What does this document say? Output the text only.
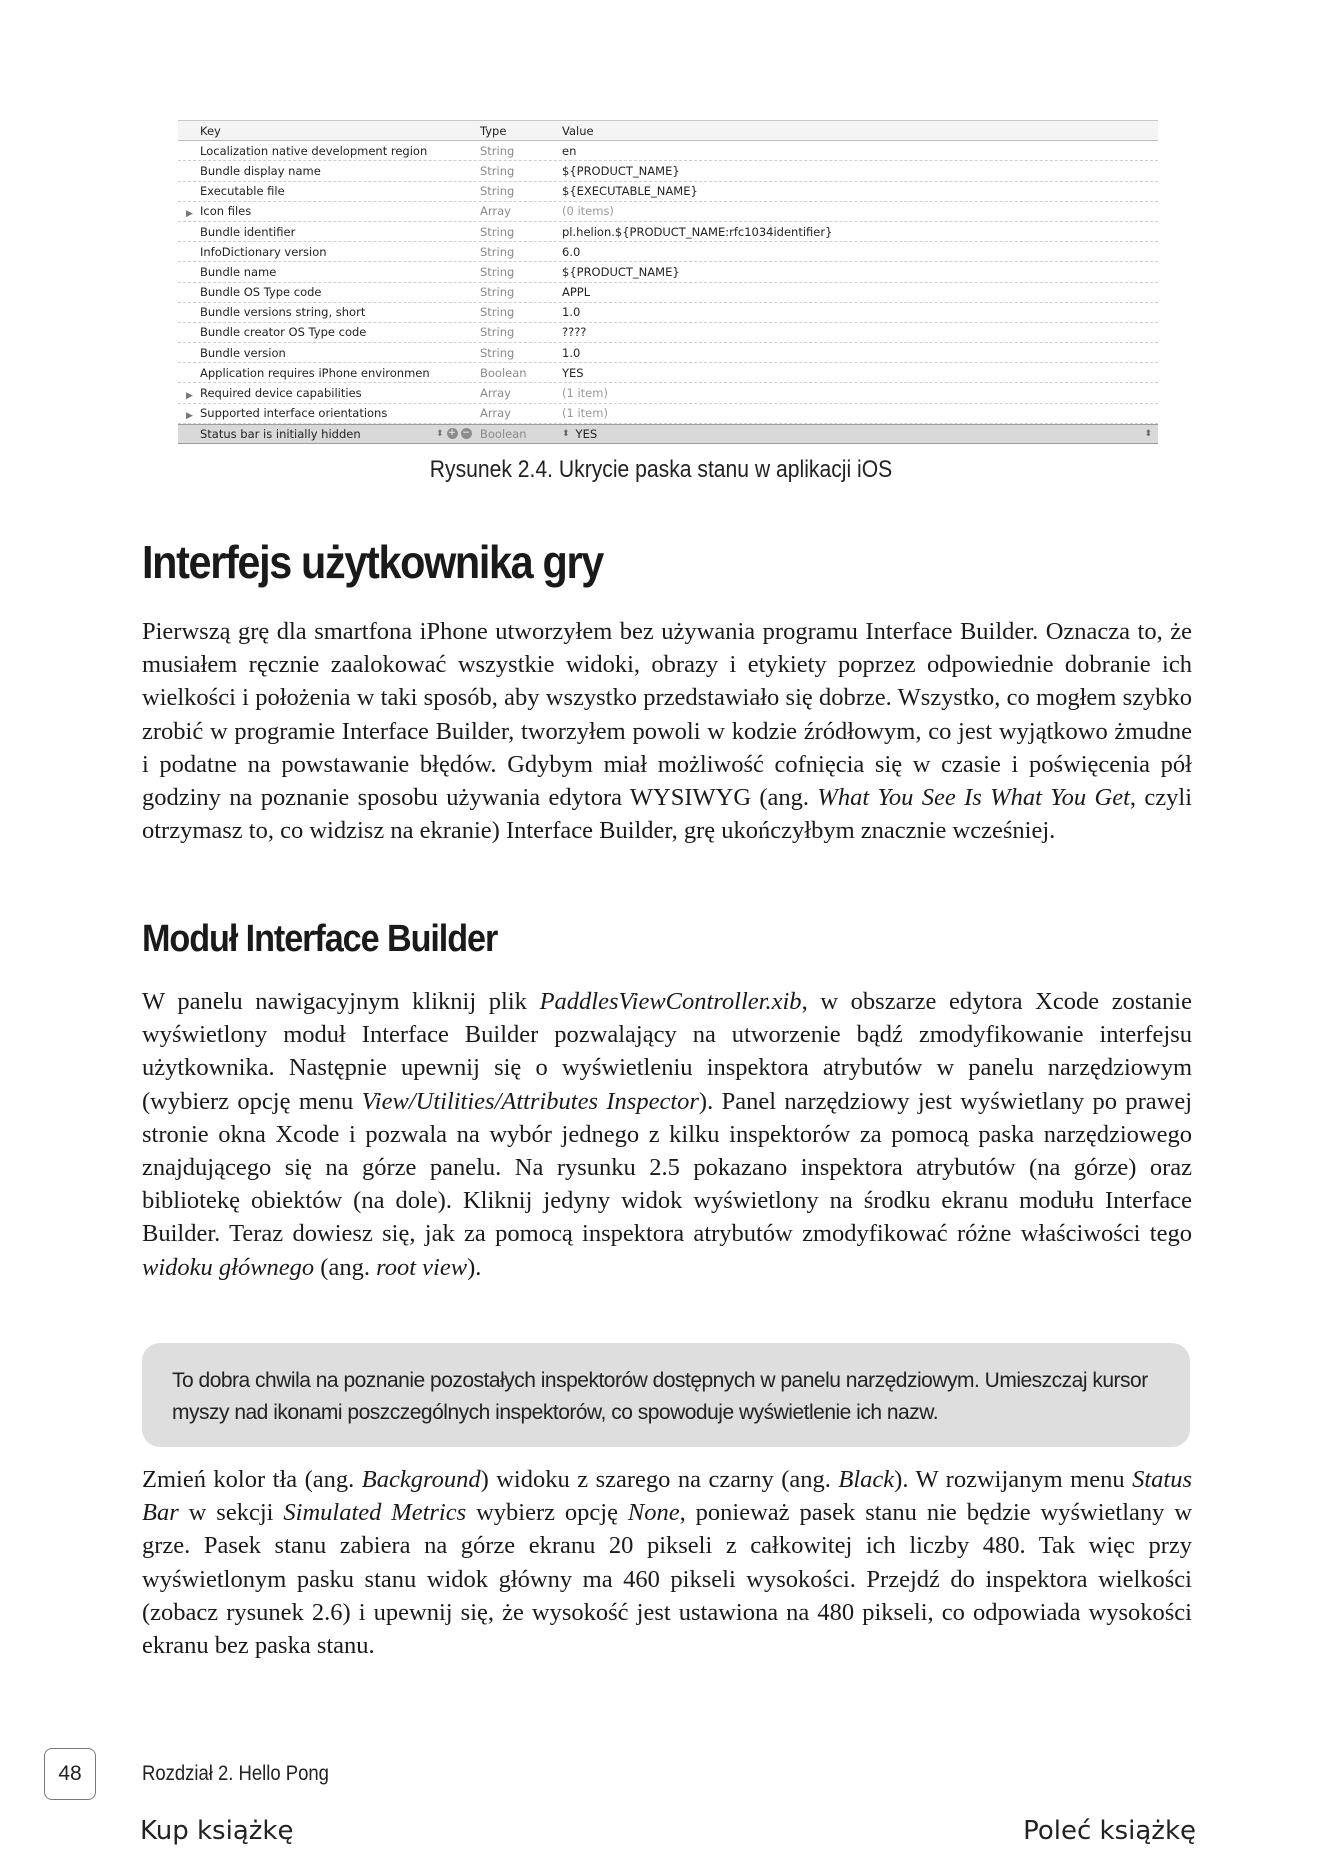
Key	Type	Value
Localization native development region	String	en
Bundle display name	String	${PRODUCT_NAME}
Executable file	String	${EXECUTABLE_NAME}
▶ Icon files	Array	(0 items)
Bundle identifier	String	pl.helion.${PRODUCT_NAME:rfc1034identifier}
InfoDictionary version	String	6.0
Bundle name	String	${PRODUCT_NAME}
Bundle OS Type code	String	APPL
Bundle versions string, short	String	1.0
Bundle creator OS Type code	String	????
Bundle version	String	1.0
Application requires iPhone environmen	Boolean	YES
▶ Required device capabilities	Array	(1 item)
▶ Supported interface orientations	Array	(1 item)
Status bar is initially hidden	⬍ + − Boolean	⬍ YES	⬍
Rysunek 2.4. Ukrycie paska stanu w aplikacji iOS
Interfejs użytkownika gry

Pierwszą grę dla smartfona iPhone utworzyłem bez używania programu Interface Builder. Oznacza to, że musiałem ręcznie zaalokować wszystkie widoki, obrazy i etykiety poprzez odpowiednie dobranie ich wielkości i położenia w taki sposób, aby wszystko przedstawiało się dobrze. Wszystko, co mogłem szybko zrobić w programie Interface Builder, tworzyłem powoli w kodzie źródłowym, co jest wyjątkowo żmudne i podatne na powstawanie błędów. Gdybym miał możliwość cofnięcia się w czasie i poświęcenia pół godziny na poznanie sposobu używania edytora WYSIWYG (ang. What You See Is What You Get, czyli otrzymasz to, co widzisz na ekranie) Interface Builder, grę ukończyłbym znacznie wcześniej.

Moduł Interface Builder

W panelu nawigacyjnym kliknij plik PaddlesViewController.xib, w obszarze edytora Xcode zostanie wyświetlony moduł Interface Builder pozwalający na utworzenie bądź zmodyfikowanie interfejsu użytkownika. Następnie upewnij się o wyświetleniu inspektora atrybutów w panelu narzędziowym (wybierz opcję menu View/Utilities/Attributes Inspector). Panel narzędziowy jest wyświetlany po prawej stronie okna Xcode i pozwala na wybór jednego z kilku inspektorów za pomocą paska narzędziowego znajdującego się na górze panelu. Na rysunku 2.5 pokazano inspektora atrybutów (na górze) oraz bibliotekę obiektów (na dole). Kliknij jedyny widok wyświetlony na środku ekranu modułu Interface Builder. Teraz dowiesz się, jak za pomocą inspektora atrybutów zmodyfikować różne właściwości tego widoku głównego (ang. root view).

To dobra chwila na poznanie pozostałych inspektorów dostępnych w panelu narzędziowym. Umieszczaj kursor myszy nad ikonami poszczególnych inspektorów, co spowoduje wyświetlenie ich nazw.

Zmień kolor tła (ang. Background) widoku z szarego na czarny (ang. Black). W rozwijanym menu Status Bar w sekcji Simulated Metrics wybierz opcję None, ponieważ pasek stanu nie będzie wyświetlany w grze. Pasek stanu zabiera na górze ekranu 20 pikseli z całkowitej ich liczby 480. Tak więc przy wyświetlonym pasku stanu widok główny ma 460 pikseli wysokości. Przejdź do inspektora wielkości (zobacz rysunek 2.6) i upewnij się, że wysokość jest ustawiona na 480 pikseli, co odpowiada wysokości ekranu bez paska stanu.

48	Rozdział 2. Hello Pong
Kup książkę	Poleć książkę
